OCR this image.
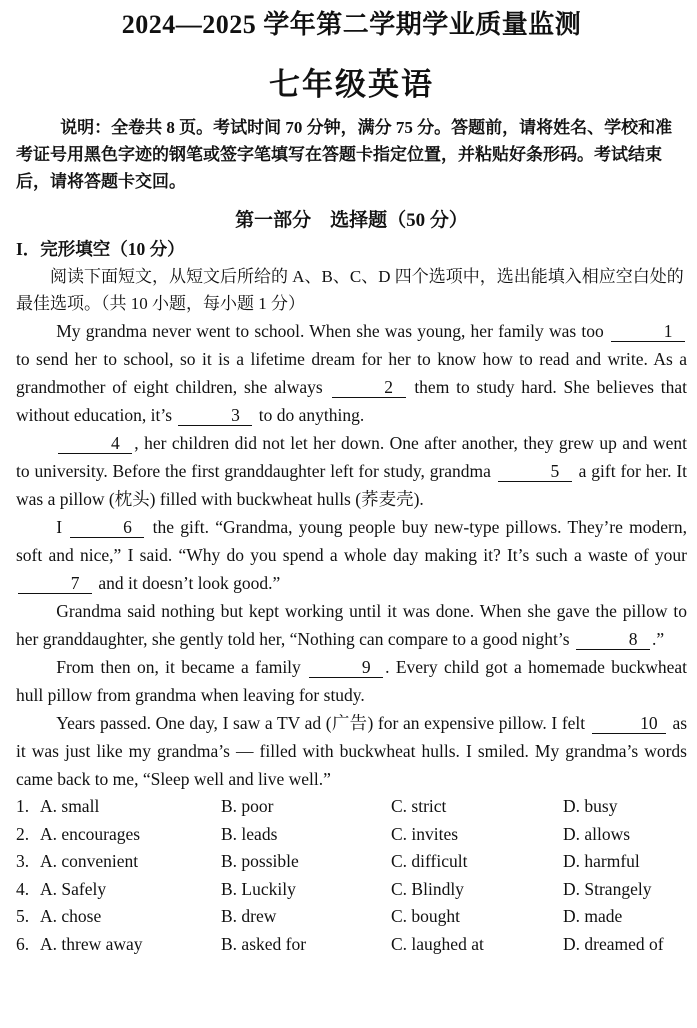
2024—2025 学年第二学期学业质量监测
七年级英语

说明：全卷共 8 页。考试时间 70 分钟，满分 75 分。答题前，请将姓名、学校和准考证号用黑色字迹的钢笔或签字笔填写在答题卡指定位置，并粘贴好条形码。考试结束后，请将答题卡交回。

第一部分　选择题（50 分）
I．完形填空（10 分）

阅读下面短文，从短文后所给的 A、B、C、D 四个选项中，选出能填入相应空白处的最佳选项。（共 10 小题，每小题 1 分）

My grandma never went to school. When she was young, her family was too	1 to send her to school, so it is a lifetime dream for her to know how to read and write. As a grandmother of eight children, she always	2 them to study hard. She believes that without education, it’s	3 to do anything.

4 , her children did not let her down. One after another, they grew up and went to university. Before the first granddaughter left for study, grandma	5 a gift for her. It was a pillow (枕头) filled with buckwheat hulls (荞麦壳).

I	6 the gift. “Grandma, young people buy new-type pillows. They’re modern, soft and nice,” I said. “Why do you spend a whole day making it? It’s such a waste of your 7 and it doesn’t look good.”

Grandma said nothing but kept working until it was done. When she gave the pillow to her granddaughter, she gently told her, “Nothing can compare to a good night’s	8 .”

From then on, it became a family	9 . Every child got a homemade buckwheat hull pillow from grandma when leaving for study.

Years passed. One day, I saw a TV ad (广告) for an expensive pillow. I felt	10 as it was just like my grandma’s — filled with buckwheat hulls. I smiled. My grandma’s words came back to me, “Sleep well and live well.”

1. A. small	B. poor	C. strict	D. busy
2. A. encourages	B. leads	C. invites	D. allows
3. A. convenient	B. possible	C. difficult	D. harmful
4. A. Safely	B. Luckily	C. Blindly	D. Strangely
5. A. chose	B. drew	C. bought	D. made
6. A. threw away	B. asked for	C. laughed at	D. dreamed of
